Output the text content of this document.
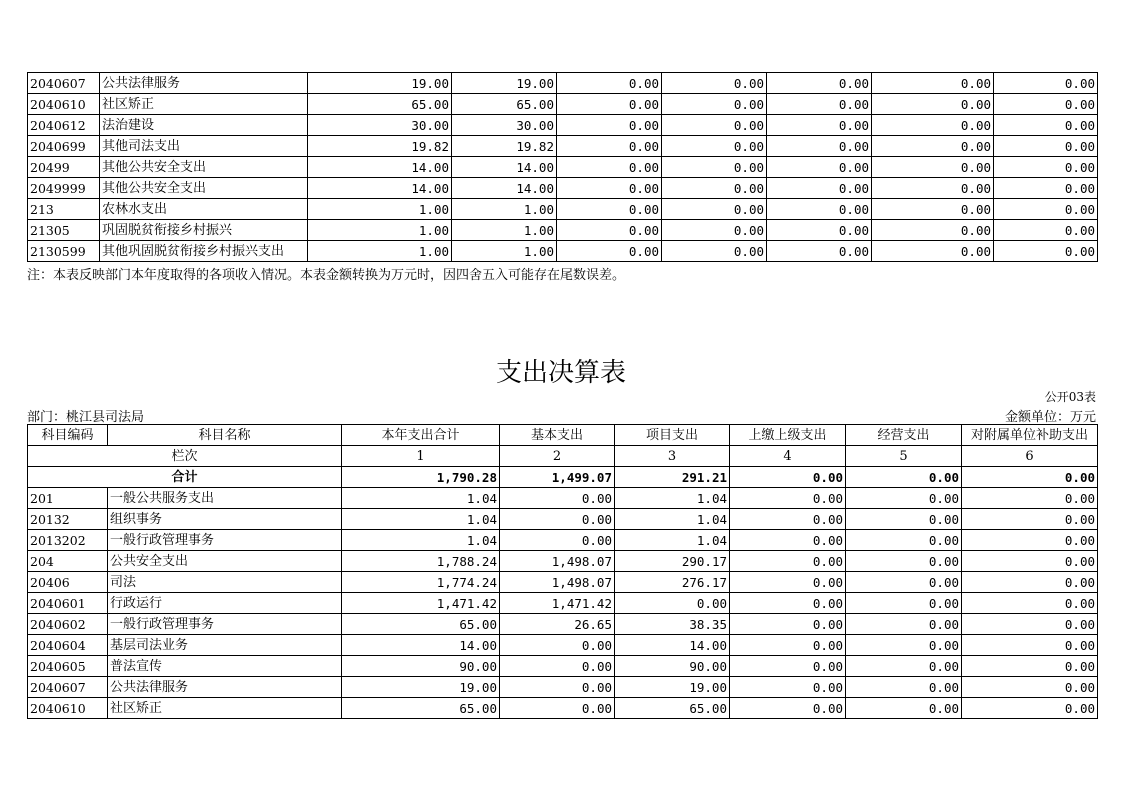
2040607	公共法律服务	19.00	19.00	0.00	0.00	0.00	0.00	0.00
2040610	社区矫正	65.00	65.00	0.00	0.00	0.00	0.00	0.00
2040612	法治建设	30.00	30.00	0.00	0.00	0.00	0.00	0.00
2040699	其他司法支出	19.82	19.82	0.00	0.00	0.00	0.00	0.00
20499	其他公共安全支出	14.00	14.00	0.00	0.00	0.00	0.00	0.00
2049999	其他公共安全支出	14.00	14.00	0.00	0.00	0.00	0.00	0.00
213	农林水支出	1.00	1.00	0.00	0.00	0.00	0.00	0.00
21305	巩固脱贫衔接乡村振兴	1.00	1.00	0.00	0.00	0.00	0.00	0.00
2130599	其他巩固脱贫衔接乡村振兴支出	1.00	1.00	0.00	0.00	0.00	0.00	0.00
注：本表反映部门本年度取得的各项收入情况。本表金额转换为万元时，因四舍五入可能存在尾数误差。
支出决算表
公开03表
部门：桃江县司法局	金额单位：万元
科目编码	科目名称	本年支出合计	基本支出	项目支出	上缴上级支出	经营支出	对附属单位补助支出
栏次		1	2	3	4	5	6
合计		1,790.28	1,499.07	291.21	0.00	0.00	0.00
201	一般公共服务支出	1.04	0.00	1.04	0.00	0.00	0.00
20132	组织事务	1.04	0.00	1.04	0.00	0.00	0.00
2013202	一般行政管理事务	1.04	0.00	1.04	0.00	0.00	0.00
204	公共安全支出	1,788.24	1,498.07	290.17	0.00	0.00	0.00
20406	司法	1,774.24	1,498.07	276.17	0.00	0.00	0.00
2040601	行政运行	1,471.42	1,471.42	0.00	0.00	0.00	0.00
2040602	一般行政管理事务	65.00	26.65	38.35	0.00	0.00	0.00
2040604	基层司法业务	14.00	0.00	14.00	0.00	0.00	0.00
2040605	普法宣传	90.00	0.00	90.00	0.00	0.00	0.00
2040607	公共法律服务	19.00	0.00	19.00	0.00	0.00	0.00
2040610	社区矫正	65.00	0.00	65.00	0.00	0.00	0.00
